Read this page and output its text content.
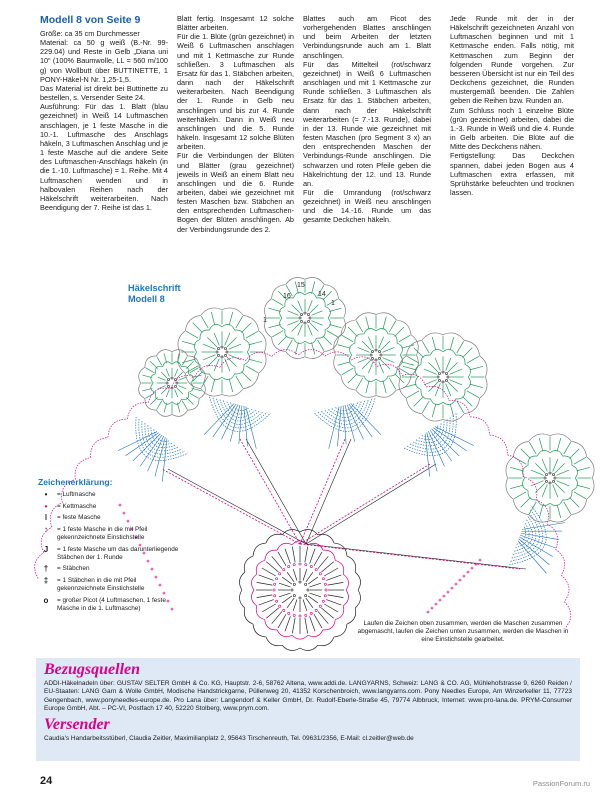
Modell 8 von Seite 9

Größe: ca 35 cm Durchmesser

Material: ca 50 g weiß (B.-Nr. 99-229.04) und Reste in Gelb „Diana uni 10“ (100% Baumwolle, LL = 560 m/100 g) von Wollbutt über BUTTINETTE, 1 PONY-Häkel-N Nr. 1,25-1,5.

Das Material ist direkt bei Buttinette zu bestellen, s. Versender Seite 24.

Ausführung: Für das 1. Blatt (blau gezeichnet) in Weiß 14 Luftmaschen anschlagen, je 1 feste Masche in die 10.-1. Luftmasche des Anschlags häkeln, 3 Luftmaschen Anschlag und je 1 feste Masche auf die andere Seite des Luftmaschen-Anschlags häkeln (in die 1.-10. Luftmasche) = 1. Reihe. Mit 4 Luftmaschen wenden und in halbovalen Reihen nach der Häkelschrift weiterarbeiten. Nach Beendigung der 7. Reihe ist das 1.

Blatt fertig. Insgesamt 12 solche Blätter arbeiten.

Für die 1. Blüte (grün gezeichnet) in Weiß 6 Luftmaschen anschlagen und mit 1 Kettmasche zur Runde schließen. 3 Luftmaschen als Ersatz für das 1. Stäbchen arbeiten, dann nach der Häkelschrift weiterarbeiten. Nach Beendigung der 1. Runde in Gelb neu anschlingen und bis zur 4. Runde weiterhäkeln. Dann in Weiß neu anschlingen und die 5. Runde häkeln. Insgesamt 12 solche Blüten arbeiten.

Für die Verbindungen der Blüten und Blätter (grau gezeichnet) jeweils in Weiß an einem Blatt neu anschlingen und die 6. Runde arbeiten, dabei wie gezeichnet mit festen Maschen bzw. Stäbchen an den entsprechenden Luftmaschen-Bogen der Blüten anschlingen. Ab der Verbindungsrunde des 2.

Blattes auch am Picot des vorhergehenden Blattes anschlingen und beim Arbeiten der letzten Verbindungsrunde auch am 1. Blatt anschlingen.

Für das Mittelteil (rot/schwarz gezeichnet) in Weiß 6 Luftmaschen anschlagen und mit 1 Kettmasche zur Runde schließen. 3 Luftmaschen als Ersatz für das 1. Stäbchen arbeiten, dann nach der Häkelschrift weiterarbeiten (= 7.-13. Runde), dabei in der 13. Runde wie gezeichnet mit festen Maschen (pro Segment 3 x) an den entsprechenden Maschen der Verbindungs-Runde anschlingen. Die schwarzen und roten Pfeile geben die Häkelrichtung der 12. und 13. Runde an.

Für die Umrandung (rot/schwarz gezeichnet) in Weiß neu anschlingen und die 14.-16. Runde um das gesamte Deckchen häkeln.

Jede Runde mit der in der Häkelschrift gezeichneten Anzahl von Luftmaschen beginnen und mit 1 Kettmasche enden. Falls nötig, mit Kettmaschen zum Beginn der folgenden Runde vorgehen. Zur besseren Übersicht ist nur ein Teil des Deckchens gezeichnet, die Runden mustergemäß beenden. Die Zahlen geben die Reihen bzw. Runden an.

Zum Schluss noch 1 einzelne Blüte (grün gezeichnet) arbeiten, dabei die 1.-3. Runde in Weiß und die 4. Runde in Gelb arbeiten. Die Blüte auf die Mitte des Deckchens nähen.

Fertigstellung: Das Deckchen spannen, dabei jeden Bogen aus 4 Luftmaschen extra erfassen, mit Sprühstärke befeuchten und trocknen lassen.

15
16	14
1
1
Häkelschrift
Modell 8
Zeichenerklärung:
•	= Luftmasche
•	= Kettmasche
ǀ	= feste Masche
↑	= 1 feste Masche in die mit Pfeil gekennzeichnete Einstichstelle
J	= 1 feste Masche um das darunterliegende Stäbchen der 1. Runde
†	= Stäbchen
‡	= 1 Stäbchen in die mit Pfeil gekennzeichnete Einstichstelle
o	= großer Picot (4 Luftmaschen, 1 feste Masche in die 1. Luftmasche)
Laufen die Zeichen oben zusammen, werden die Maschen zusammen abgemascht, laufen die Zeichen unten zusammen, werden die Maschen in eine Einstichstelle gearbeitet.
Bezugsquellen
ADDI-Häkelnadeln über: GUSTAV SELTER GmbH & Co. KG, Hauptstr. 2-6, 58762 Altena, www.addi.de. LANGYARNS, Schweiz: LANG & CO. AG, Mühlehofstrasse 9, 6260 Reiden / EU-Staaten: LANG Garn & Wolle GmbH, Modische Handstrickgarne, Püllenweg 20, 41352 Korschenbroich, www.langyarns.com. Pony Needles Europe, Am Winzerkeller 11, 77723 Gengenbach, www.ponyneedles-europe.de. Pro Lana über: Langendorf & Keller GmbH, Dr. Rudolf-Eberle-Straße 45, 79774 Albbruck, Internet: www.pro-lana.de. PRYM-Consumer Europe GmbH, Abt. – PC-VI, Postfach 17 40, 52220 Stolberg, www.prym.com.
Versender
Caudia's Handarbeitsstüberl, Claudia Zeitler, Maximilianplatz 2, 95643 Tirschenreuth, Tel. 09631/2356, E-Mail: cl.zeitler@web.de
24	PassionForum.ru
